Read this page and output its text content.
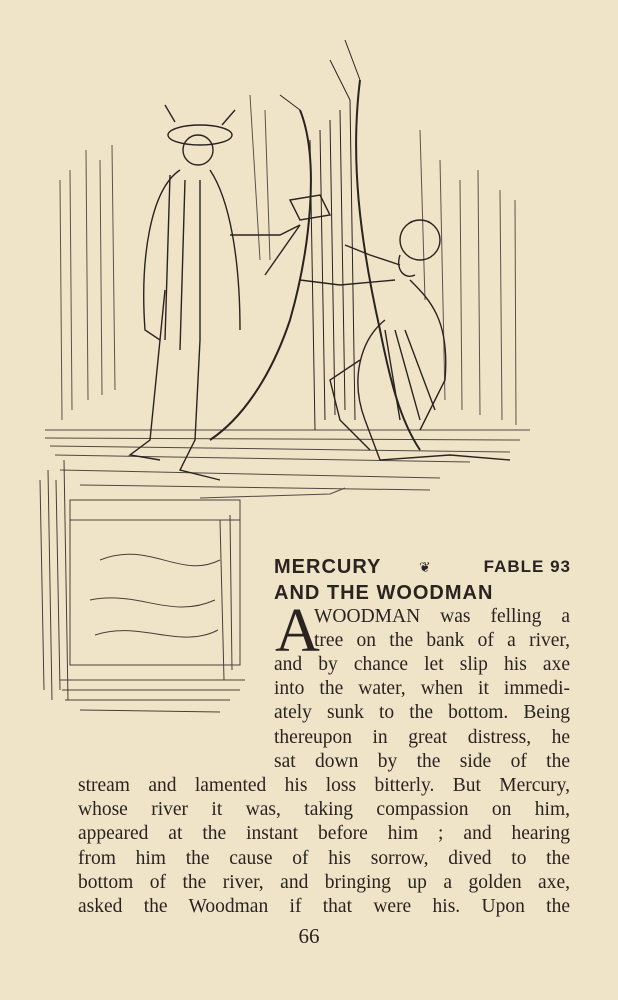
MERCURY	❦	FABLE 93
AND THE WOODMAN
A
WOODMAN was felling a
tree on the bank of a river,
and by chance let slip his axe
into the water, when it immedi-
ately sunk to the bottom. Being
thereupon in great distress, he
sat down by the side of the
stream and lamented his loss bitterly. But Mercury,
whose river it was, taking compassion on him,
appeared at the instant before him ; and hearing
from him the cause of his sorrow, dived to the
bottom of the river, and bringing up a golden axe,
asked the Woodman if that were his. Upon the
66
